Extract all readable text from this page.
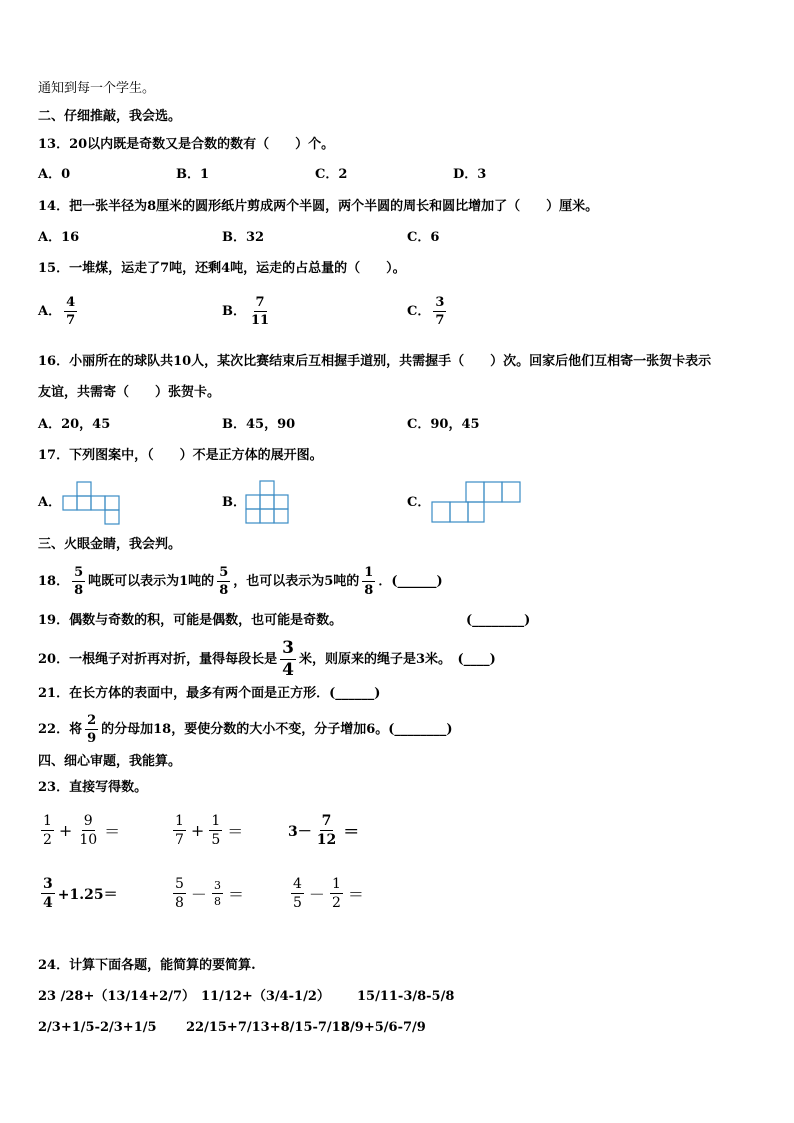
通知到每一个学生。
二、仔细推敲，我会选。
13．20以内既是奇数又是合数的数有（　　）个。
A．0	B．1	C．2	D．3
14．把一张半径为8厘米的圆形纸片剪成两个半圆，两个半圆的周长和圆比增加了（　　）厘米。
A．16	B．32	C．6
15．一堆煤，运走了7吨，还剩4吨，运走的占总量的（　　）。
A． $\frac{4}{7}$	B． $\frac{7}{11}$	C． $\frac{3}{7}$
16．小丽所在的球队共10人，某次比赛结束后互相握手道别，共需握手（　　）次。回家后他们互相寄一张贺卡表示
友谊，共需寄（　　）张贺卡。
A．20，45	B．45，90	C．90，45
17．下列图案中，（　　）不是正方体的展开图。
A．	B．	C．
三、火眼金睛，我会判。
18． $\frac{5}{8}$ 吨既可以表示为1吨的 $\frac{5}{8}$ ，也可以表示为5吨的 $\frac{1}{8}$ ．(______)
19．偶数与奇数的积，可能是偶数，也可能是奇数。	(________)
20．一根绳子对折再对折，量得每段长是 $\frac{3}{4}$ 米，则原来的绳子是3米。　(____)
21．在长方体的表面中，最多有两个面是正方形．(______)
22．将 $\frac{2}{9}$ 的分母加18，要使分数的大小不变，分子增加6。(________)
四、细心审题，我能算。
23．直接写得数。
$\frac{1}{2} + \frac{9}{10}$ ＝	$\frac{1}{7} + \frac{1}{5}$ ＝	$3- \frac{7}{12}$ ＝
$\frac{3}{4} +1.25=$	$\frac{5}{8} - \frac{3}{8}$ ＝	$\frac{4}{5} - \frac{1}{2}$ ＝
24．计算下面各题，能简算的要简算.
23 /28+（13/14+2/7） 11/12+（3/4-1/2） 15/11-3/8-5/8
2/3+1/5-2/3+1/5 22/15+7/13+8/15-7/13
8/9+5/6-7/9
